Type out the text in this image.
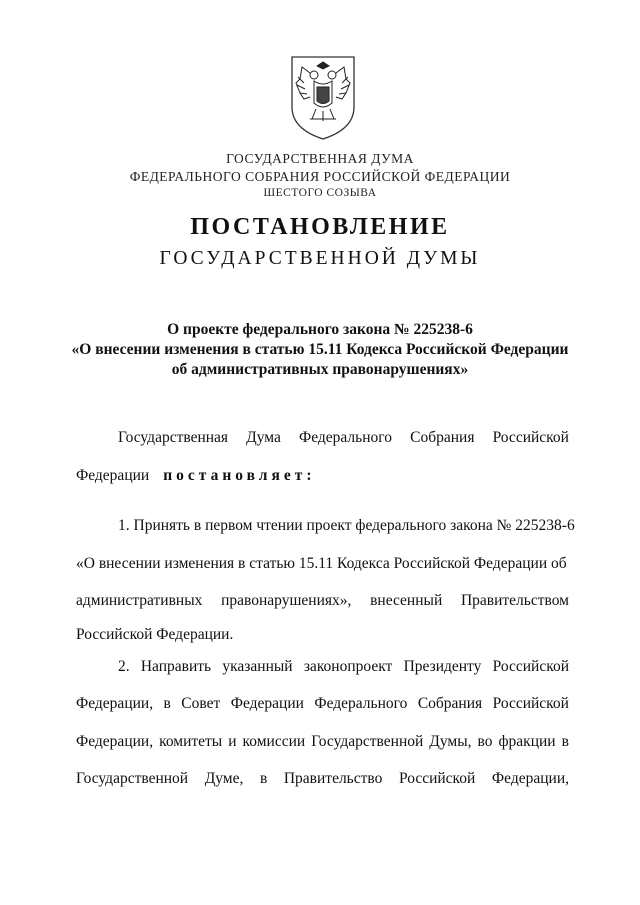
ГОСУДАРСТВЕННАЯ ДУМА
ФЕДЕРАЛЬНОГО СОБРАНИЯ РОССИЙСКОЙ ФЕДЕРАЦИИ
ШЕСТОГО СОЗЫВА
ПОСТАНОВЛЕНИЕ
ГОСУДАРСТВЕННОЙ ДУМЫ
О проекте федерального закона № 225238-6
«О внесении изменения в статью 15.11 Кодекса Российской Федерации
об административных правонарушениях»
Государственная Дума Федерального Собрания Российской
Федерации постановляет:
1. Принять в первом чтении проект федерального закона № 225238-6
«О внесении изменения в статью 15.11 Кодекса Российской Федерации об
административных правонарушениях», внесенный Правительством
Российской Федерации.
2. Направить указанный законопроект Президенту Российской
Федерации, в Совет Федерации Федерального Собрания Российской
Федерации, комитеты и комиссии Государственной Думы, во фракции в
Государственной Думе, в Правительство Российской Федерации,
